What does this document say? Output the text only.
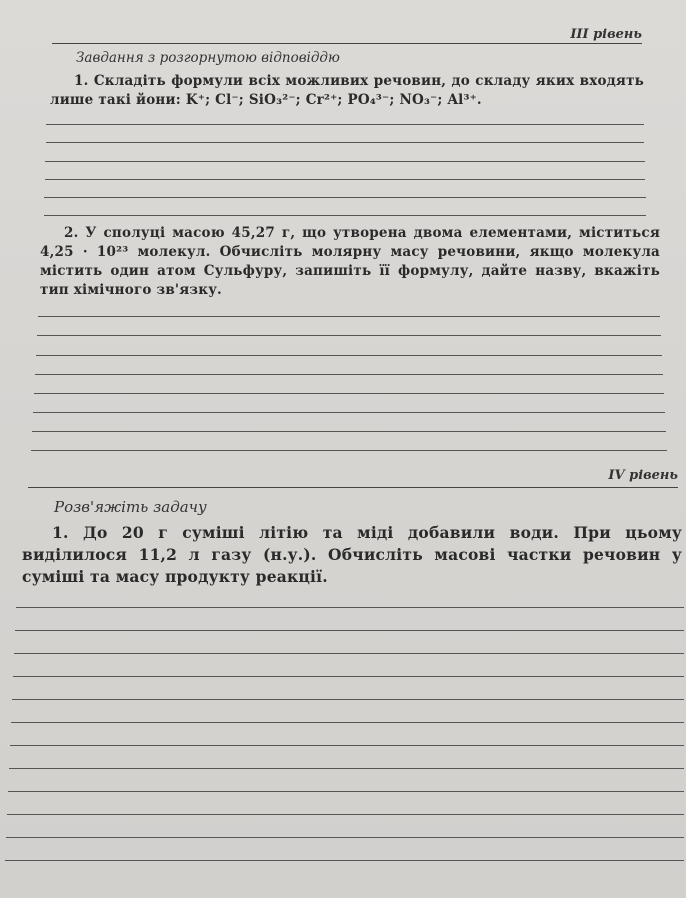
III рівень
Завдання з розгорнутою відповіддю
1. Складіть формули всіх можливих речовин, до складу яких входять лише такі йони: K⁺; Cl⁻; SiO₃²⁻; Cr²⁺; PO₄³⁻; NO₃⁻; Al³⁺.
2. У сполуці масою 45,27 г, що утворена двома елементами, міститься 4,25 · 10²³ молекул. Обчисліть молярну масу речовини, якщо молекула містить один атом Сульфуру, запишіть її формулу, дайте назву, вкажіть тип хімічного зв'язку.
IV рівень
Розв'яжіть задачу
1. До 20 г суміші літію та міді добавили води. При цьому виділилося 11,2 л газу (н.у.). Обчисліть масові частки речовин у суміші та масу продукту реакції.
